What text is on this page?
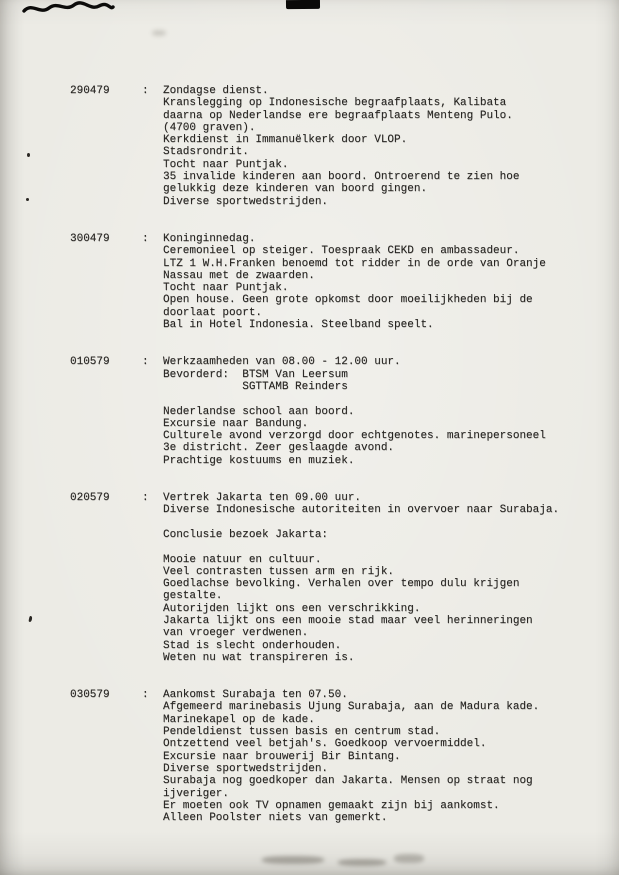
290479	:	Zondagse dienst.
Kranslegging op Indonesische begraafplaats, Kalibata
daarna op Nederlandse ere begraafplaats Menteng Pulo.
(4700 graven).
Kerkdienst in Immanuëlkerk door VLOP.
Stadsrondrit.
Tocht naar Puntjak.
35 invalide kinderen aan boord. Ontroerend te zien hoe
gelukkig deze kinderen van boord gingen.
Diverse sportwedstrijden.
300479	:	Koninginnedag.
Ceremonieel op steiger. Toespraak CEKD en ambassadeur.
LTZ 1 W.H.Franken benoemd tot ridder in de orde van Oranje
Nassau met de zwaarden.
Tocht naar Puntjak.
Open house. Geen grote opkomst door moeilijkheden bij de
doorlaat poort.
Bal in Hotel Indonesia. Steelband speelt.
010579	:	Werkzaamheden van 08.00 - 12.00 uur.
Bevorderd:  BTSM Van Leersum
SGTTAMB Reinders

Nederlandse school aan boord.
Excursie naar Bandung.
Culturele avond verzorgd door echtgenotes. marinepersoneel
3e districht. Zeer geslaagde avond.
Prachtige kostuums en muziek.
020579	:	Vertrek Jakarta ten 09.00 uur.
Diverse Indonesische autoriteiten in overvoer naar Surabaja.

Conclusie bezoek Jakarta:

Mooie natuur en cultuur.
Veel contrasten tussen arm en rijk.
Goedlachse bevolking. Verhalen over tempo dulu krijgen
gestalte.
Autorijden lijkt ons een verschrikking.
Jakarta lijkt ons een mooie stad maar veel herinneringen
van vroeger verdwenen.
Stad is slecht onderhouden.
Weten nu wat transpireren is.
030579	:	Aankomst Surabaja ten 07.50.
Afgemeerd marinebasis Ujung Surabaja, aan de Madura kade.
Marinekapel op de kade.
Pendeldienst tussen basis en centrum stad.
Ontzettend veel betjah's. Goedkoop vervoermiddel.
Excursie naar brouwerij Bir Bintang.
Diverse sportwedstrijden.
Surabaja nog goedkoper dan Jakarta. Mensen op straat nog
ijveriger.
Er moeten ook TV opnamen gemaakt zijn bij aankomst.
Alleen Poolster niets van gemerkt.
